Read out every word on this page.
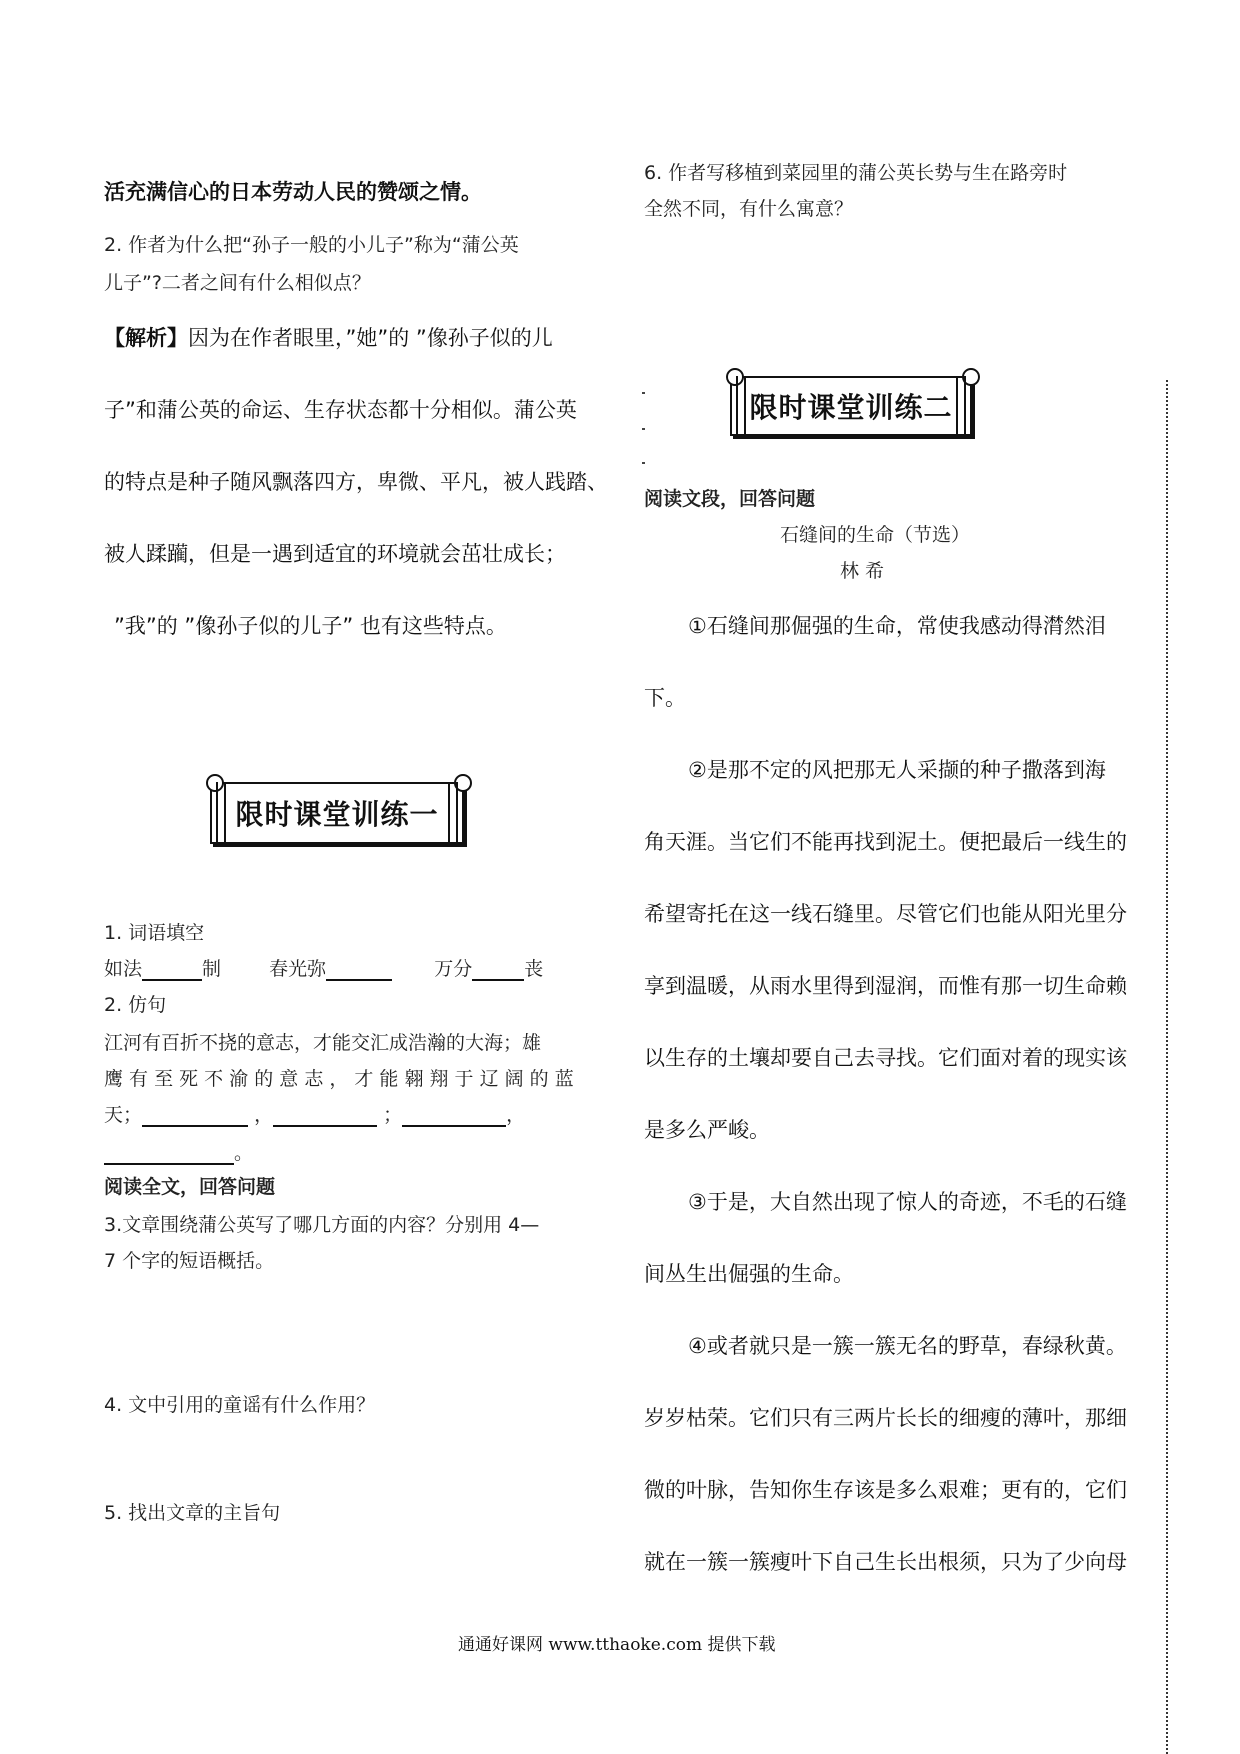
活充满信心的日本劳动人民的赞颂之情。
2. 作者为什么把“孙子一般的小儿子”称为“蒲公英
儿子”?二者之间有什么相似点？
【解析】因为在作者眼里，”她”的 ”像孙子似的儿
子”和蒲公英的命运、生存状态都十分相似。蒲公英
的特点是种子随风飘落四方，卑微、平凡，被人践踏、
被人蹂躏，但是一遇到适宜的环境就会茁壮成长；
”我”的 ”像孙子似的儿子” 也有这些特点。
限时课堂训练一
1. 词语填空
如法	制	春光弥	万分	丧
2. 仿句
江河有百折不挠的意志，才能交汇成浩瀚的大海；雄
鹰 有 至 死 不 渝 的 意 志 ， 才 能 翱 翔 于 辽 阔 的 蓝
天；	，	；	，
。
阅读全文，回答问题
3.文章围绕蒲公英写了哪几方面的内容？分别用 4—
7 个字的短语概括。
4. 文中引用的童谣有什么作用？
5. 找出文章的主旨句
6. 作者写移植到菜园里的蒲公英长势与生在路旁时
全然不同，有什么寓意？
限时课堂训练二
阅读文段，回答问题
石缝间的生命（节选）
林 希
①石缝间那倔强的生命，常使我感动得潸然泪
下。
②是那不定的风把那无人采撷的种子撒落到海
角天涯。当它们不能再找到泥土。便把最后一线生的
希望寄托在这一线石缝里。尽管它们也能从阳光里分
享到温暖，从雨水里得到湿润，而惟有那一切生命赖
以生存的土壤却要自己去寻找。它们面对着的现实该
是多么严峻。
③于是，大自然出现了惊人的奇迹，不毛的石缝
间丛生出倔强的生命。
④或者就只是一簇一簇无名的野草，春绿秋黄。
岁岁枯荣。它们只有三两片长长的细瘦的薄叶，那细
微的叶脉，告知你生存该是多么艰难；更有的，它们
就在一簇一簇瘦叶下自己生长出根须，只为了少向母
通通好课网 www.tthaoke.com 提供下载
